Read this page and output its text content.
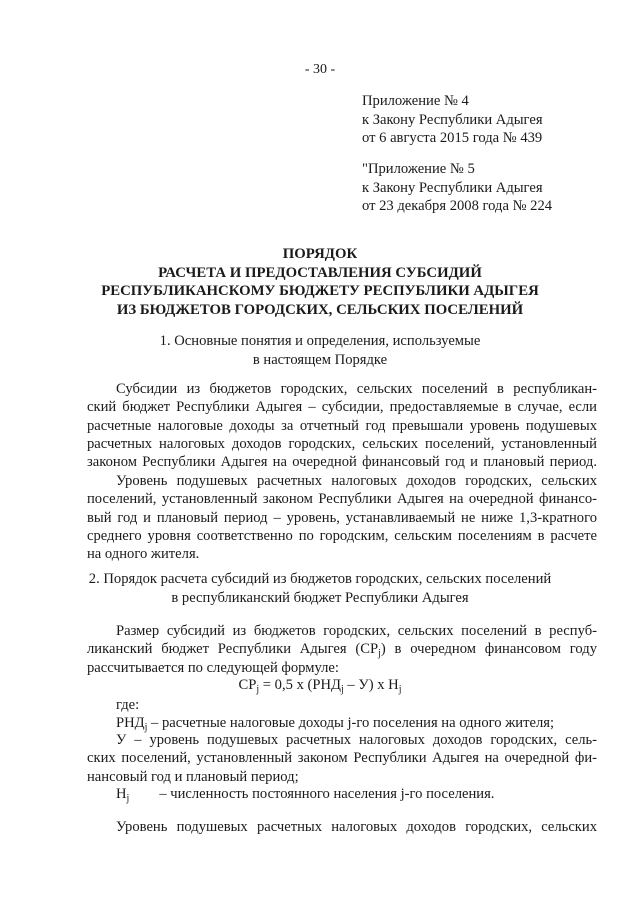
- 30 -
Приложение № 4
к Закону Республики Адыгея
от 6 августа 2015 года № 439
"Приложение № 5
к Закону Республики Адыгея
от 23 декабря 2008 года № 224
ПОРЯДОК
РАСЧЕТА И ПРЕДОСТАВЛЕНИЯ СУБСИДИЙ
РЕСПУБЛИКАНСКОМУ БЮДЖЕТУ РЕСПУБЛИКИ АДЫГЕЯ
ИЗ БЮДЖЕТОВ ГОРОДСКИХ, СЕЛЬСКИХ ПОСЕЛЕНИЙ
1. Основные понятия и определения, используемые
в настоящем Порядке
Субсидии из бюджетов городских, сельских поселений в республикан-
ский бюджет Республики Адыгея – субсидии, предоставляемые в случае, если
расчетные налоговые доходы за отчетный год превышали уровень подушевых
расчетных налоговых доходов городских, сельских поселений, установленный
законом Республики Адыгея на очередной финансовый год и плановый период.
Уровень подушевых расчетных налоговых доходов городских, сельских
поселений, установленный законом Республики Адыгея на очередной финансо-
вый год и плановый период – уровень, устанавливаемый не ниже 1,3-кратного
среднего уровня соответственно по городским, сельским поселениям в расчете
на одного жителя.
2. Порядок расчета субсидий из бюджетов городских, сельских поселений
в республиканский бюджет Республики Адыгея
Размер субсидий из бюджетов городских, сельских поселений в респуб-
ликанский бюджет Республики Адыгея $(СР_j)$ в очередном финансовом году
рассчитывается по следующей формуле:
$СР_j = 0,5$ х $(РНД_j - У)$ х $Н_j$
где:
$РНД_j$ – расчетные налоговые доходы j-го поселения на одного жителя;
У – уровень подушевых расчетных налоговых доходов городских, сель-
ских поселений, установленный законом Республики Адыгея на очередной фи-
нансовый год и плановый период;
$Н_j$ – численность постоянного населения j-го поселения.
Уровень подушевых расчетных налоговых доходов городских, сельских
